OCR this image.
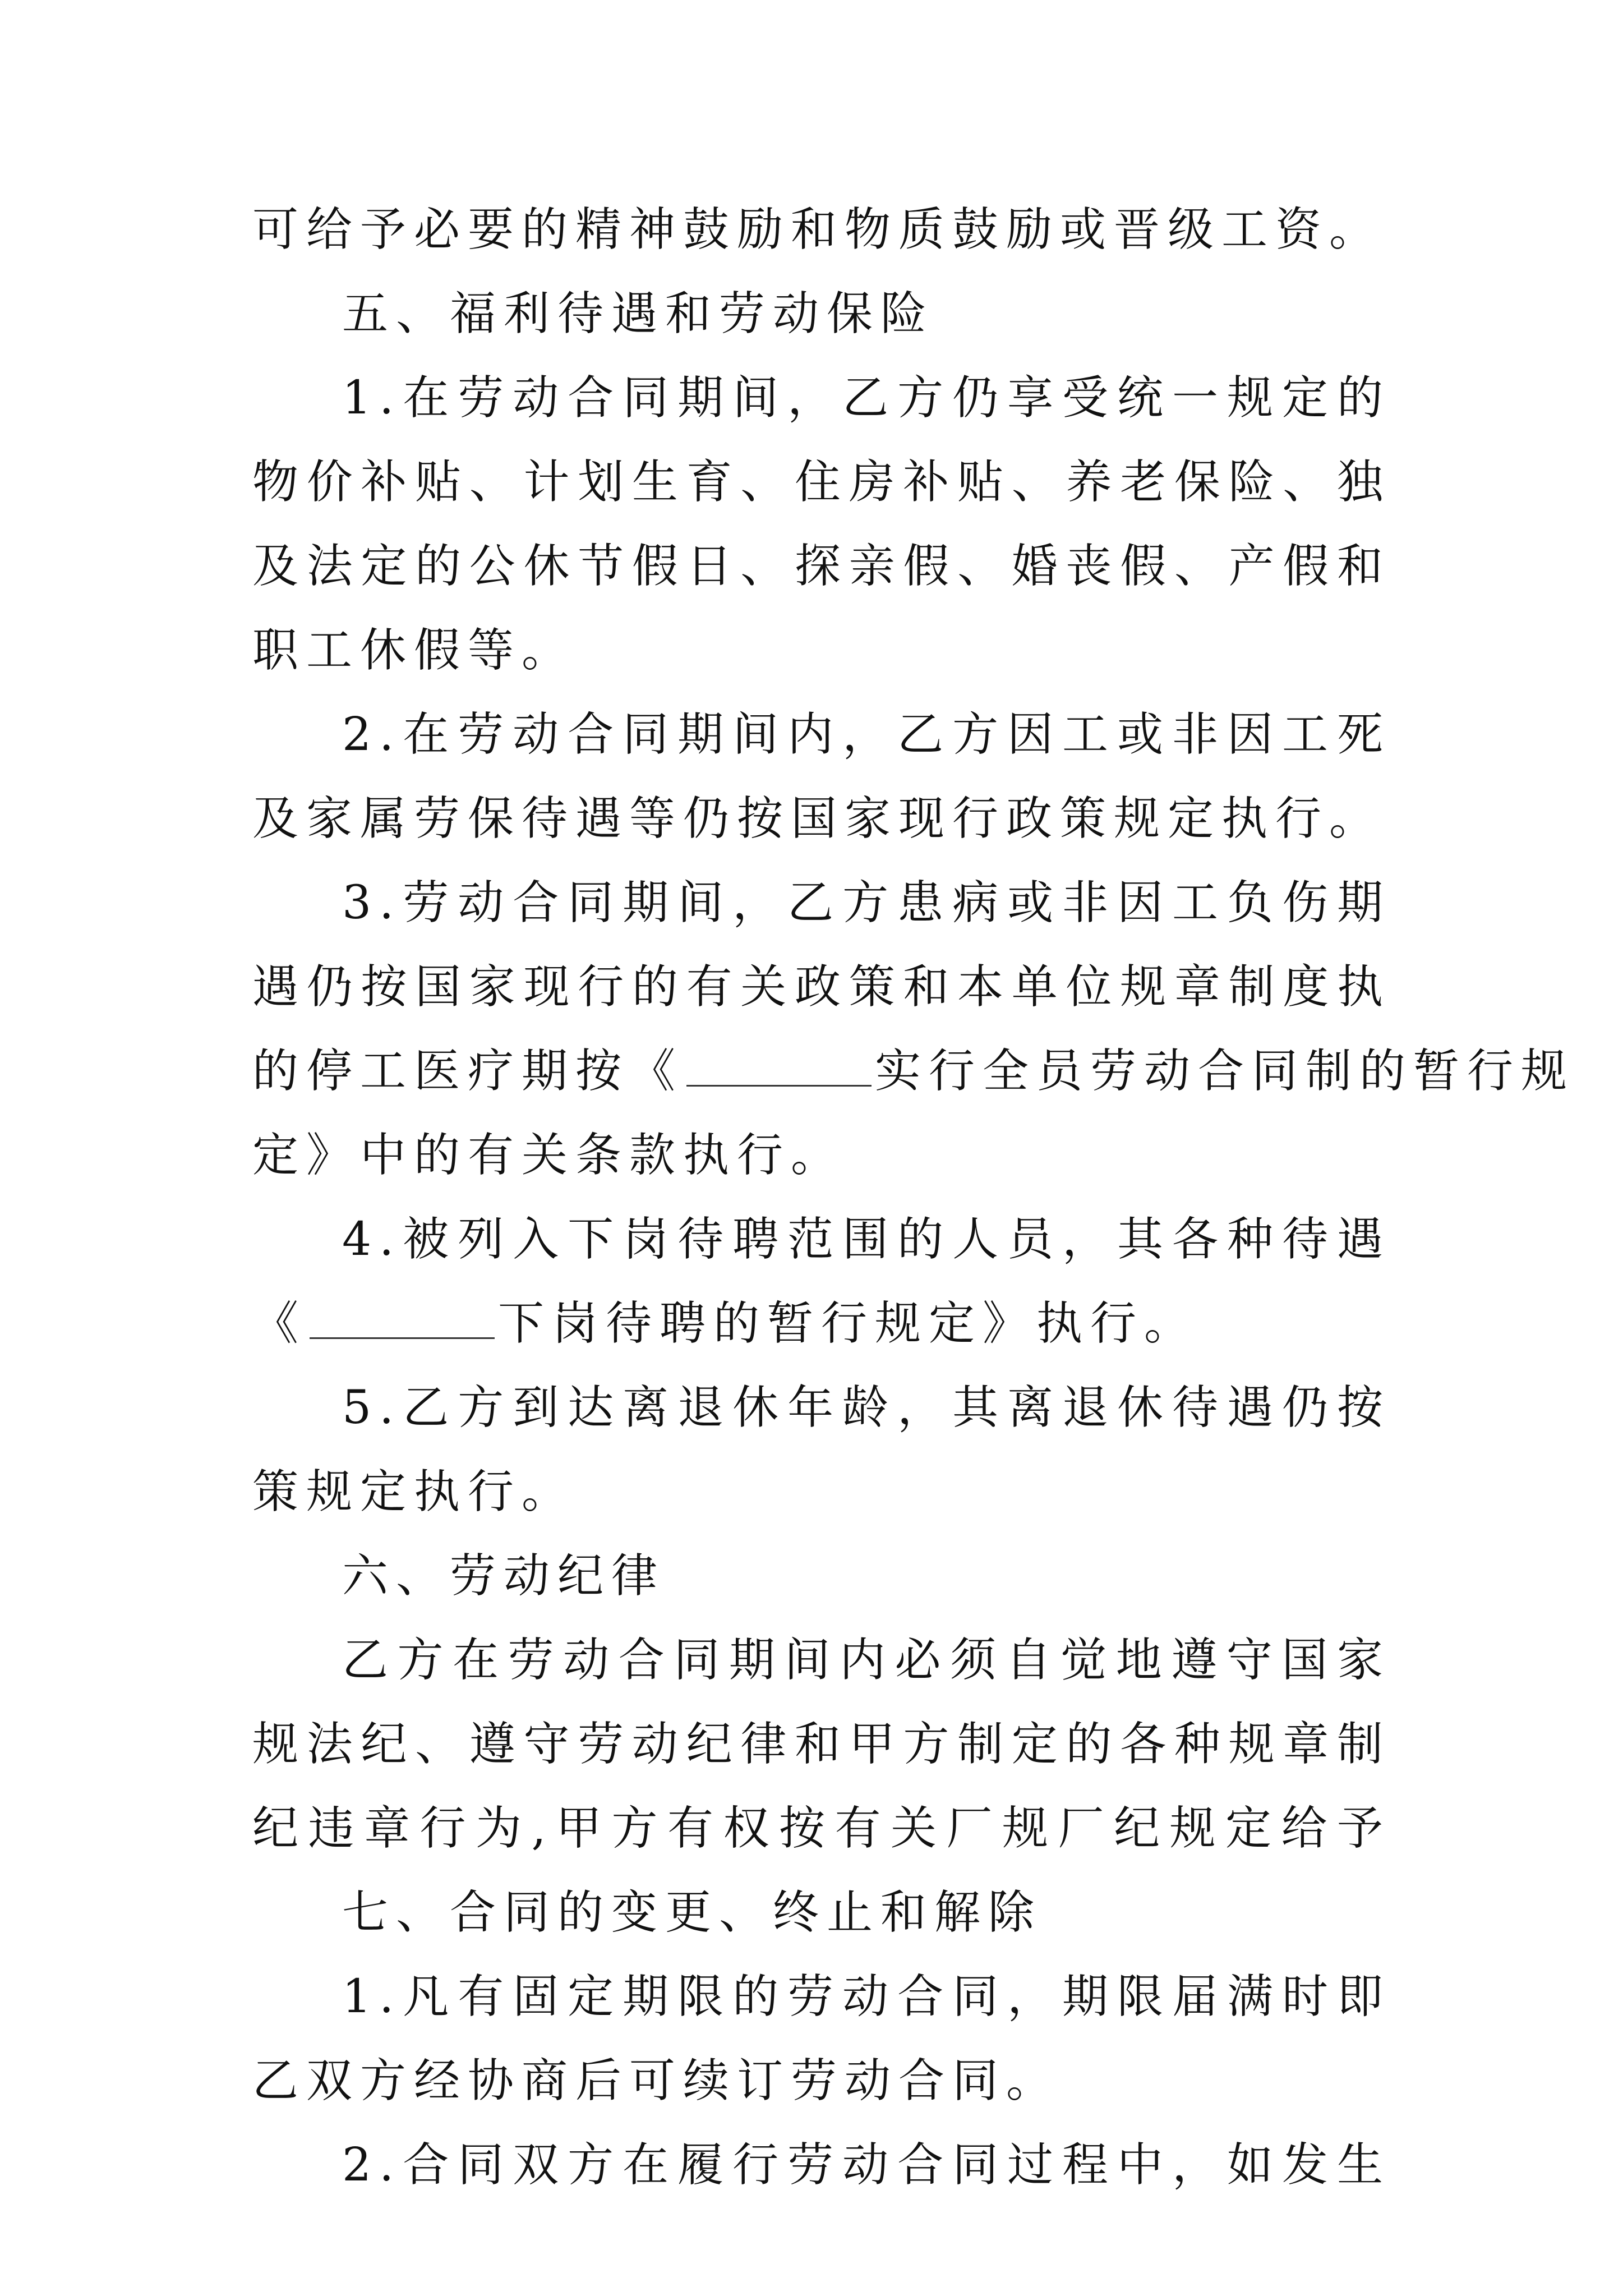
可给予必要的精神鼓励和物质鼓励或晋级工资。
五、福利待遇和劳动保险
1.在劳动合同期间，乙方仍享受统一规定的
物价补贴、计划生育、住房补贴、养老保险、独
及法定的公休节假日、探亲假、婚丧假、产假和
职工休假等。
2.在劳动合同期间内，乙方因工或非因工死
及家属劳保待遇等仍按国家现行政策规定执行。
3.劳动合同期间，乙方患病或非因工负伤期
遇仍按国家现行的有关政策和本单位规章制度执
的停工医疗期按《	实行全员劳动合同制的暂行规
定》中的有关条款执行。
4.被列入下岗待聘范围的人员，其各种待遇
《	下岗待聘的暂行规定》执行。
5.乙方到达离退休年龄，其离退休待遇仍按
策规定执行。
六、劳动纪律
乙方在劳动合同期间内必须自觉地遵守国家
规法纪、遵守劳动纪律和甲方制定的各种规章制
纪违章行为,甲方有权按有关厂规厂纪规定给予
七、合同的变更、终止和解除
1.凡有固定期限的劳动合同，期限届满时即
乙双方经协商后可续订劳动合同。
2.合同双方在履行劳动合同过程中，如发生
